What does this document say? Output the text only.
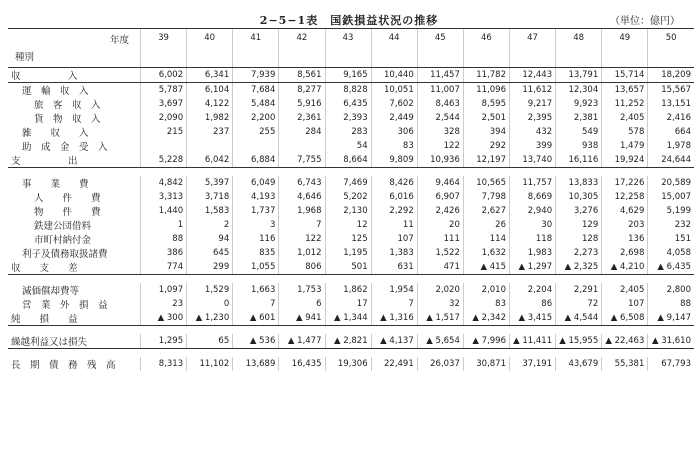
2−5−1表　国鉄損益状況の推移	（単位：億円）
年度
種別	39	40	41	42	43	44	45	46	47	48	49	50
収　　　　　入	6,002	6,341	7,939	8,561	9,165	10,440	11,457	11,782	12,443	13,791	15,714	18,209
運　輸　収　入	5,787	6,104	7,684	8,277	8,828	10,051	11,007	11,096	11,612	12,304	13,657	15,567
旅　客　収　入	3,697	4,122	5,484	5,916	6,435	7,602	8,463	8,595	9,217	9,923	11,252	13,151
貨　物　収　入	2,090	1,982	2,200	2,361	2,393	2,449	2,544	2,501	2,395	2,381	2,405	2,416
雑　　収　　入	215	237	255	284	283	306	328	394	432	549	578	664
助　成　金　受　入					54	83	122	292	399	938	1,479	1,978
支　　　　　出	5,228	6,042	6,884	7,755	8,664	9,809	10,936	12,197	13,740	16,116	19,924	24,644

事　　業　　費	4,842	5,397	6,049	6,743	7,469	8,426	9,464	10,565	11,757	13,833	17,226	20,589
人　　件　　費	3,313	3,718	4,193	4,646	5,202	6,016	6,907	7,798	8,669	10,305	12,258	15,007
物　　件　　費	1,440	1,583	1,737	1,968	2,130	2,292	2,426	2,627	2,940	3,276	4,629	5,199
鉄建公団借料	1	2	3	7	12	11	20	26	30	129	203	232
市町村納付金	88	94	116	122	125	107	111	114	118	128	136	151
利子及債務取扱諸費	386	645	835	1,012	1,195	1,383	1,522	1,632	1,983	2,273	2,698	4,058
収　　支　　差	774	299	1,055	806	501	631	471	▲ 415	▲ 1,297	▲ 2,325	▲ 4,210	▲ 6,435

減価償却費等	1,097	1,529	1,663	1,753	1,862	1,954	2,020	2,010	2,204	2,291	2,405	2,800
営　業　外　損　益	23	0	7	6	17	7	32	83	86	72	107	88
純　　損　　益	▲ 300	▲ 1,230	▲ 601	▲ 941	▲ 1,344	▲ 1,316	▲ 1,517	▲ 2,342	▲ 3,415	▲ 4,544	▲ 6,508	▲ 9,147

繰越利益又は損失	1,295	65	▲ 536	▲ 1,477	▲ 2,821	▲ 4,137	▲ 5,654	▲ 7,996	▲ 11,411	▲ 15,955	▲ 22,463	▲ 31,610

長　期　債　務　残　高	8,313	11,102	13,689	16,435	19,306	22,491	26,037	30,871	37,191	43,679	55,381	67,793
